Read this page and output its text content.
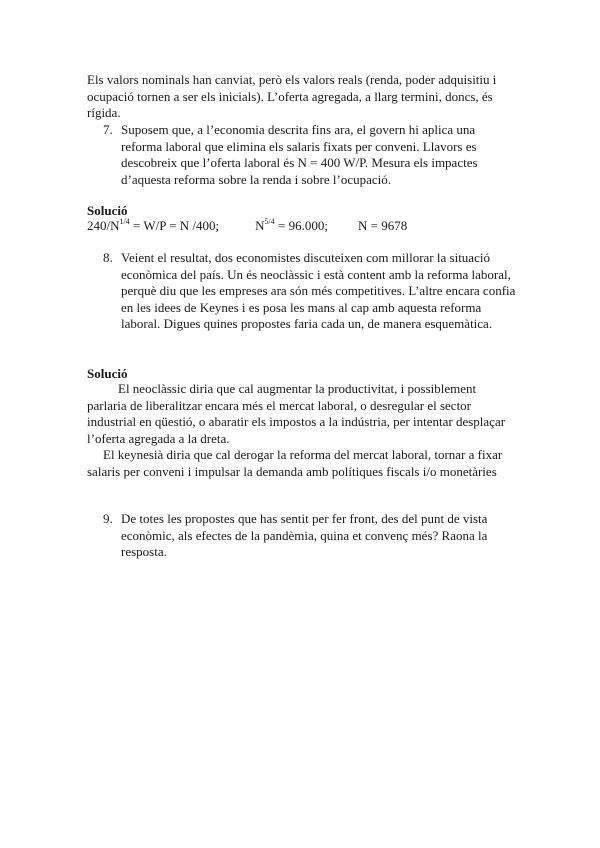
Els valors nominals han canviat, però els valors reals (renda, poder adquisitiu i ocupació tornen a ser els inicials). L’oferta agregada, a llarg termini, doncs, és rígida.

7. Suposem que, a l’economia descrita fins ara, el govern hi aplica una reforma laboral que elimina els salaris fixats per conveni. Llavors es descobreix que l’oferta laboral és N = 400 W/P. Mesura els impactes d’aquesta reforma sobre la renda i sobre l’ocupació.

Solució
$240/N^{1/4} = W/P = N$ /400;	$N^{5/4} = 96.000$; N = 9678
8. Veient el resultat, dos economistes discuteixen com millorar la situació econòmica del país. Un és neoclàssic i està content amb la reforma laboral, perquè diu que les empreses ara són més competitives. L’altre encara confia en les idees de Keynes i es posa les mans al cap amb aquesta reforma laboral. Digues quines propostes faria cada un, de manera esquemàtica.

Solució

El neoclàssic diria que cal augmentar la productivitat, i possiblement parlaria de liberalitzar encara més el mercat laboral, o desregular el sector industrial en qüestió, o abaratir els impostos a la indústria, per intentar desplaçar l’oferta agregada a la dreta.

El keynesià diria que cal derogar la reforma del mercat laboral, tornar a fixar salaris per conveni i impulsar la demanda amb polítiques fiscals i/o monetàries

9. De totes les propostes que has sentit per fer front, des del punt de vista econòmic, als efectes de la pandèmia, quina et convenç més? Raona la resposta.
